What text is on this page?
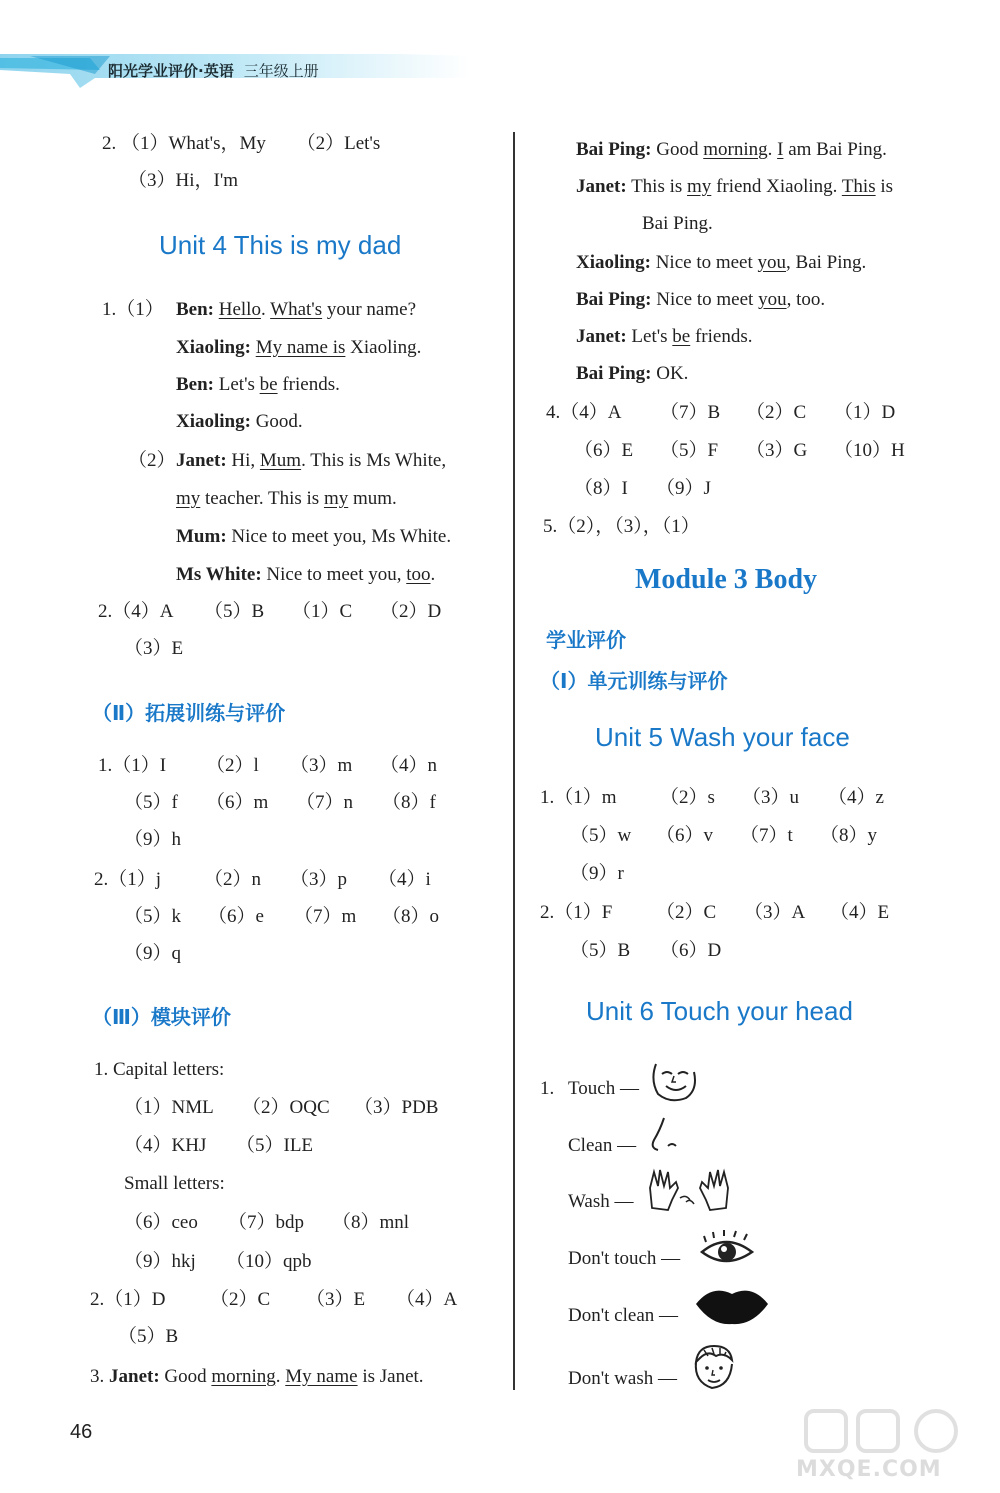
阳光学业评价·英语 三年级上册
2. （1）What's，My （2）Let's
（3）Hi，I'm
Unit 4 This is my dad
1.（1） Ben: Hello. What's your name?
Xiaoling: My name is Xiaoling.
Ben: Let's be friends.
Xiaoling: Good.
（2） Janet: Hi, Mum. This is Ms White,
my teacher. This is my mum.
Mum: Nice to meet you, Ms White.
Ms White: Nice to meet you, too.
2.（4）A （5）B （1）C （2）D
（3）E
（Ⅱ）拓展训练与评价
1.（1）I （2）l （3）m （4）n
（5）f （6）m （7）n （8）f
（9）h
2.（1）j （2）n （3）p （4）i
（5）k （6）e （7）m （8）o
（9）q
（Ⅲ）模块评价
1. Capital letters:
（1）NML （2）OQC （3）PDB
（4）KHJ （5）ILE
Small letters:
（6）ceo （7）bdp （8）mnl
（9）hkj （10）qpb
2.（1）D （2）C （3）E （4）A
（5）B
3. Janet: Good morning. My name is Janet.
46
Bai Ping: Good morning. I am Bai Ping.
Janet: This is my friend Xiaoling. This is
Bai Ping.
Xiaoling: Nice to meet you, Bai Ping.
Bai Ping: Nice to meet you, too.
Janet: Let's be friends.
Bai Ping: OK.
4.（4）A （7）B （2）C （1）D
（6）E （5）F （3）G （10）H
（8）I （9）J
5.（2），（3），（1）
Module 3 Body
学业评价
（Ⅰ）单元训练与评价
Unit 5 Wash your face
1.（1）m （2）s （3）u （4）z
（5）w （6）v （7）t （8）y
（9）r
2.（1）F （2）C （3）A （4）E
（5）B （6）D
Unit 6 Touch your head
1. Touch —
Clean —
Wash —
Don't touch —
Don't clean —
Don't wash —
MXQE.COM
